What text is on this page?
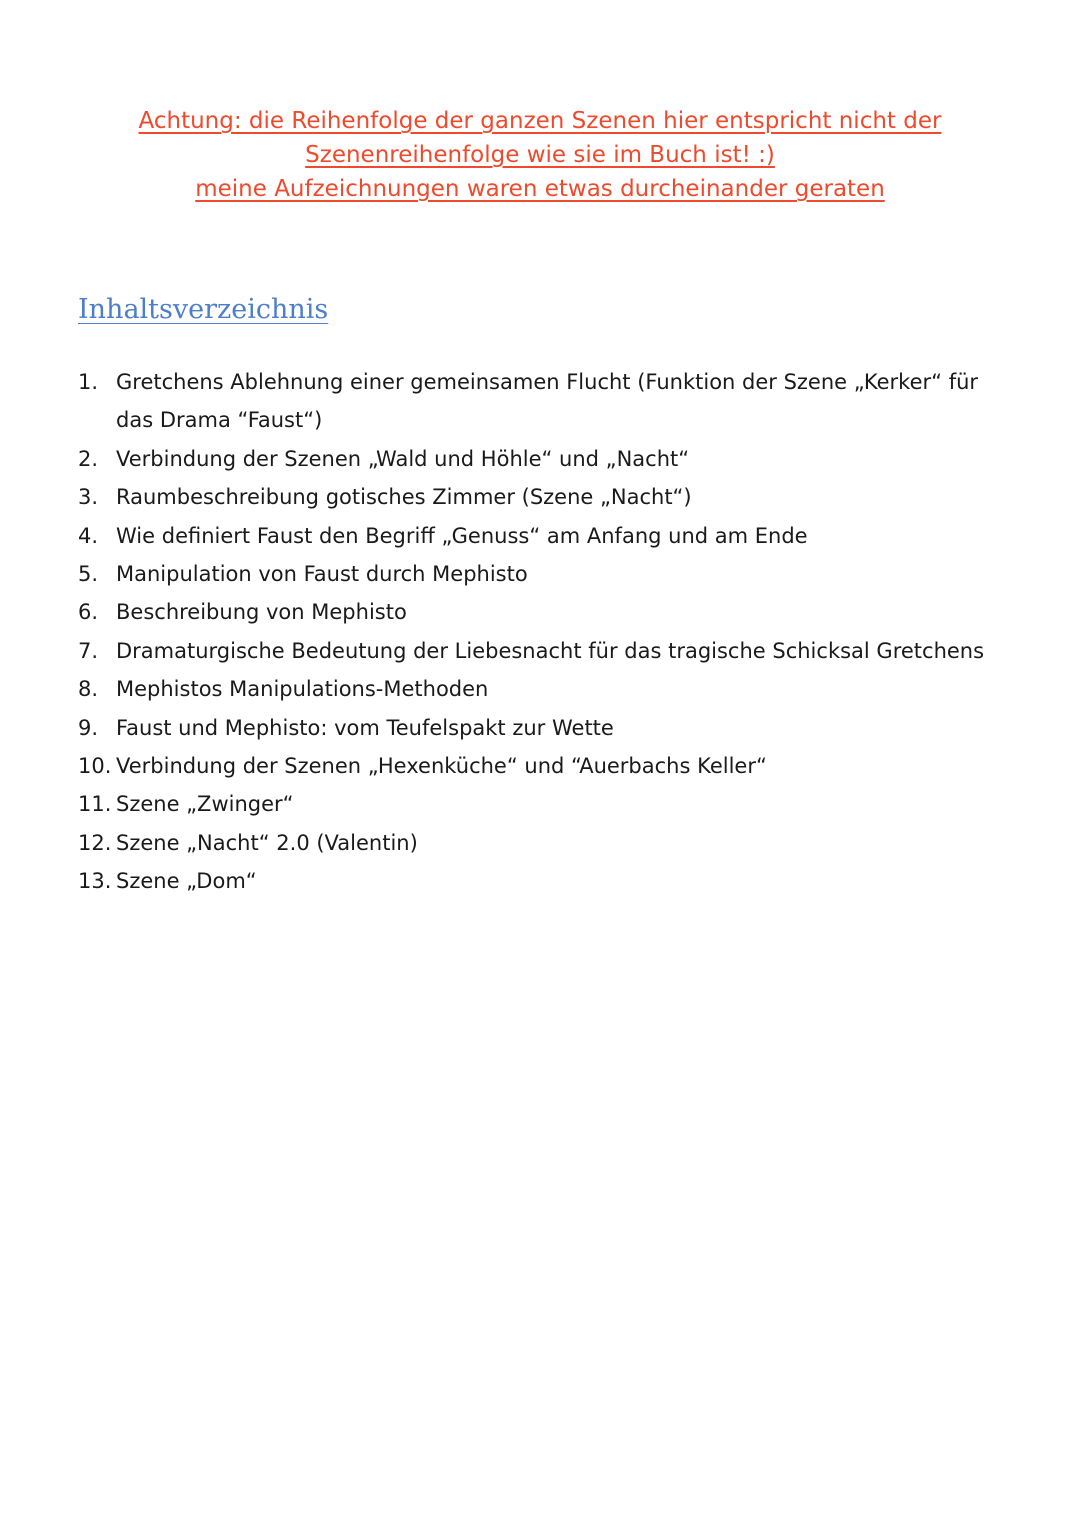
Achtung: die Reihenfolge der ganzen Szenen hier entspricht nicht der
Szenenreihenfolge wie sie im Buch ist! :)
meine Aufzeichnungen waren etwas durcheinander geraten
Inhaltsverzeichnis
1. Gretchens Ablehnung einer gemeinsamen Flucht (Funktion der Szene „Kerker“ für das Drama “Faust“)
2. Verbindung der Szenen „Wald und Höhle“ und „Nacht“
3. Raumbeschreibung gotisches Zimmer (Szene „Nacht“)
4. Wie definiert Faust den Begriff „Genuss“ am Anfang und am Ende
5. Manipulation von Faust durch Mephisto
6. Beschreibung von Mephisto
7. Dramaturgische Bedeutung der Liebesnacht für das tragische Schicksal Gretchens
8. Mephistos Manipulations-Methoden
9. Faust und Mephisto: vom Teufelspakt zur Wette
10. Verbindung der Szenen „Hexenküche“ und “Auerbachs Keller“
11. Szene „Zwinger“
12. Szene „Nacht“ 2.0 (Valentin)
13. Szene „Dom“
